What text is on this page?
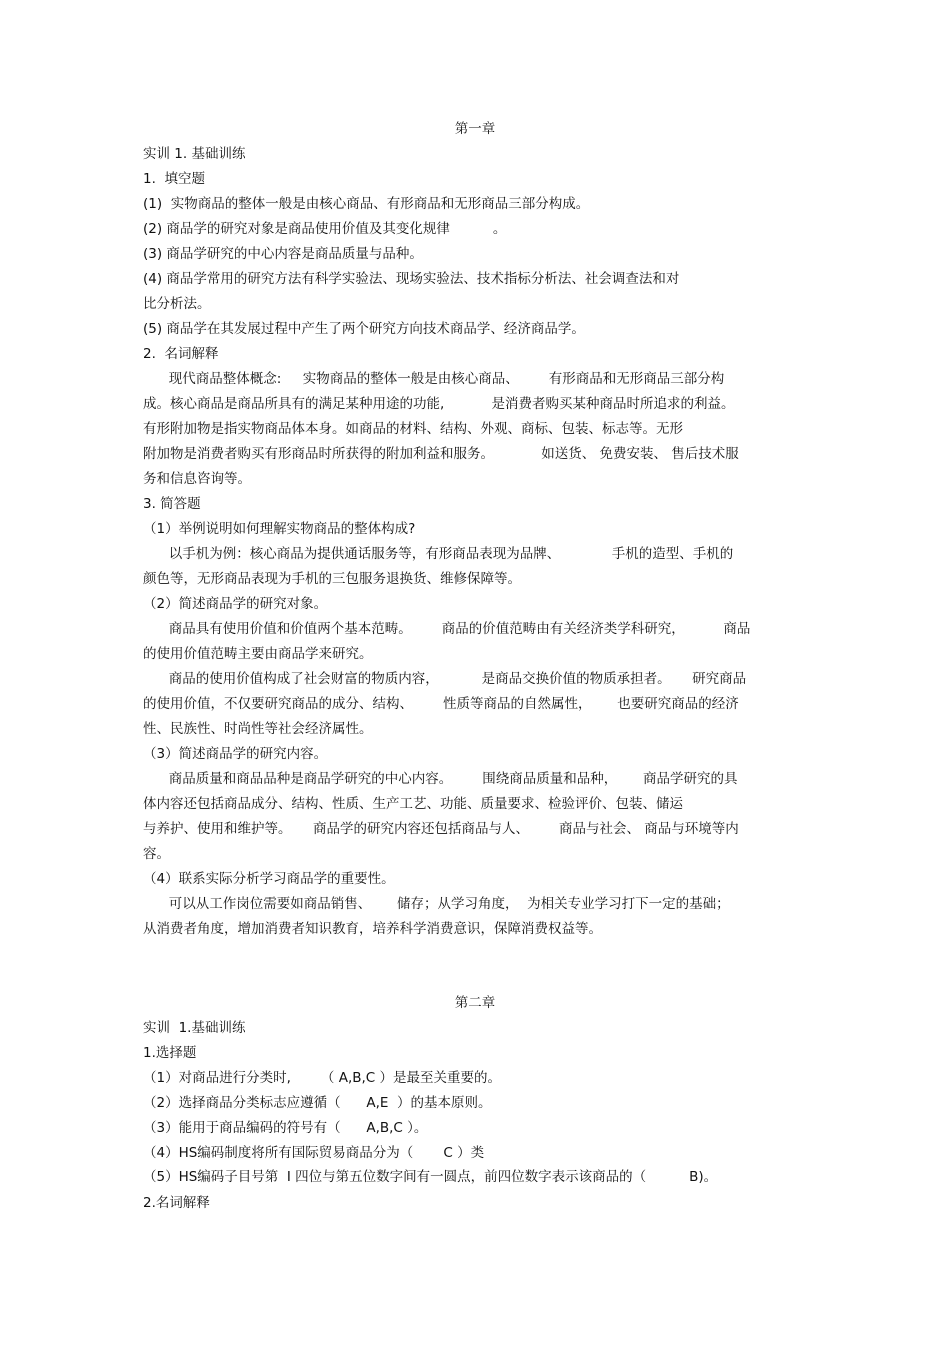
第一章
实训 1. 基础训练
1.  填空题
(1)  实物商品的整体一般是由核心商品、有形商品和无形商品三部分构成。
(2) 商品学的研究对象是商品使用价值及其变化规律          。
(3) 商品学研究的中心内容是商品质量与品种。
(4) 商品学常用的研究方法有科学实验法、现场实验法、技术指标分析法、社会调查法和对
比分析法。
(5) 商品学在其发展过程中产生了两个研究方向技术商品学、经济商品学。
2.  名词解释
现代商品整体概念:     实物商品的整体一般是由核心商品、       有形商品和无形商品三部分构
成。核心商品是商品所具有的满足某种用途的功能,           是消费者购买某种商品时所追求的利益。
有形附加物是指实物商品体本身。如商品的材料、结构、外观、商标、包装、标志等。无形
附加物是消费者购买有形商品时所获得的附加利益和服务。           如送货、 免费安装、 售后技术服
务和信息咨询等。
3. 简答题
（1）举例说明如何理解实物商品的整体构成?
以手机为例：核心商品为提供通话服务等，有形商品表现为品牌、            手机的造型、手机的
颜色等，无形商品表现为手机的三包服务退换货、维修保障等。
（2）简述商品学的研究对象。
商品具有使用价值和价值两个基本范畴。       商品的价值范畴由有关经济类学科研究，         商品
的使用价值范畴主要由商品学来研究。
商品的使用价值构成了社会财富的物质内容，          是商品交换价值的物质承担者。     研究商品
的使用价值，不仅要研究商品的成分、结构、       性质等商品的自然属性，      也要研究商品的经济
性、民族性、时尚性等社会经济属性。
（3）简述商品学的研究内容。
商品质量和商品品种是商品学研究的中心内容。       围绕商品质量和品种，      商品学研究的具
体内容还包括商品成分、结构、性质、生产工艺、功能、质量要求、检验评价、包装、储运
与养护、使用和维护等。     商品学的研究内容还包括商品与人、       商品与社会、 商品与环境等内
容。
（4）联系实际分析学习商品学的重要性。
可以从工作岗位需要如商品销售、      储存；从学习角度，  为相关专业学习打下一定的基础；
从消费者角度，增加消费者知识教育，培养科学消费意识，保障消费权益等。
第二章
实训  1.基础训练
1.选择题
（1）对商品进行分类时,       （ A,B,C ）是最至关重要的。
（2）选择商品分类标志应遵循（      A,E  ）的基本原则。
（3）能用于商品编码的符号有（      A,B,C ）。
（4）HS编码制度将所有国际贸易商品分为（       C ）类
（5）HS编码子目号第  I 四位与第五位数字间有一圆点，前四位数字表示该商品的（          B)。
2.名词解释
